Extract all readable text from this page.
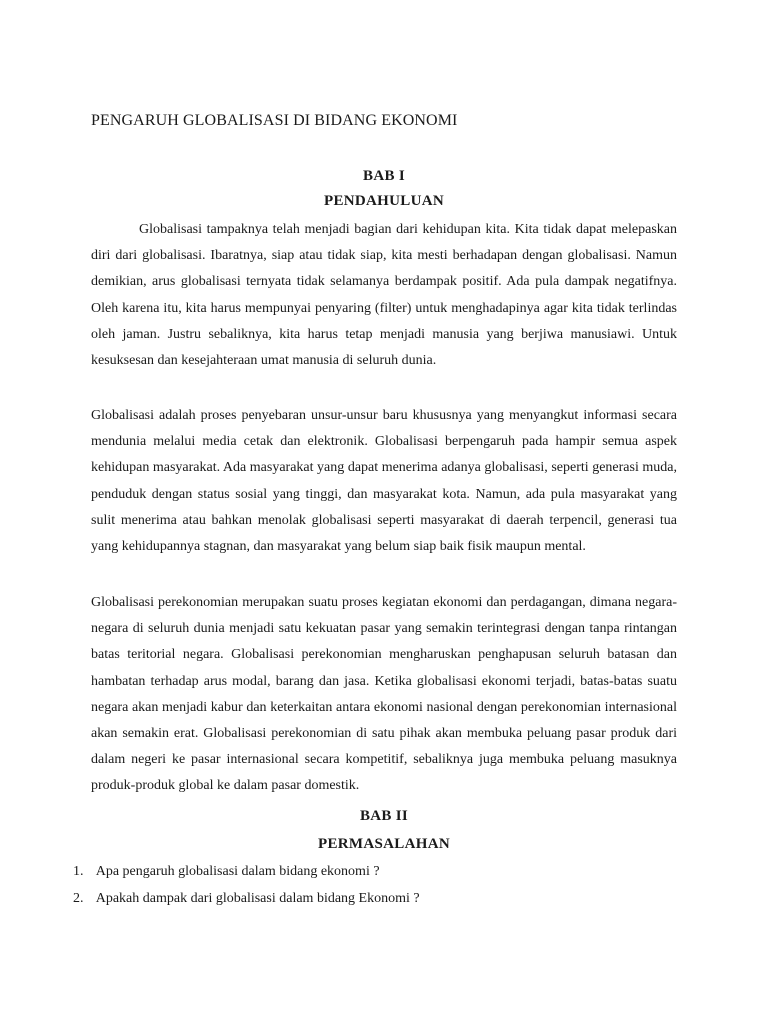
PENGARUH GLOBALISASI DI BIDANG EKONOMI
BAB I
PENDAHULUAN

Globalisasi tampaknya telah menjadi bagian dari kehidupan kita. Kita tidak dapat melepaskan diri dari globalisasi. Ibaratnya, siap atau tidak siap, kita mesti berhadapan dengan globalisasi. Namun demikian, arus globalisasi ternyata tidak selamanya berdampak positif. Ada pula dampak negatifnya. Oleh karena itu, kita harus mempunyai penyaring (filter) untuk menghadapinya agar kita tidak terlindas oleh jaman. Justru sebaliknya, kita harus tetap menjadi manusia yang berjiwa manusiawi. Untuk kesuksesan dan kesejahteraan umat manusia di seluruh dunia.

Globalisasi adalah proses penyebaran unsur-unsur baru khususnya yang menyangkut informasi secara mendunia melalui media cetak dan elektronik. Globalisasi berpengaruh pada hampir semua aspek kehidupan masyarakat. Ada masyarakat yang dapat menerima adanya globalisasi, seperti generasi muda, penduduk dengan status sosial yang tinggi, dan masyarakat kota. Namun, ada pula masyarakat yang sulit menerima atau bahkan menolak globalisasi seperti masyarakat di daerah terpencil, generasi tua yang kehidupannya stagnan, dan masyarakat yang belum siap baik fisik maupun mental.

Globalisasi perekonomian merupakan suatu proses kegiatan ekonomi dan perdagangan, dimana negara-negara di seluruh dunia menjadi satu kekuatan pasar yang semakin terintegrasi dengan tanpa rintangan batas teritorial negara. Globalisasi perekonomian mengharuskan penghapusan seluruh batasan dan hambatan terhadap arus modal, barang dan jasa. Ketika globalisasi ekonomi terjadi, batas-batas suatu negara akan menjadi kabur dan keterkaitan antara ekonomi nasional dengan perekonomian internasional akan semakin erat. Globalisasi perekonomian di satu pihak akan membuka peluang pasar produk dari dalam negeri ke pasar internasional secara kompetitif, sebaliknya juga membuka peluang masuknya produk-produk global ke dalam pasar domestik.

BAB II
PERMASALAHAN
1. Apa pengaruh globalisasi dalam bidang ekonomi ?
2. Apakah dampak dari globalisasi dalam bidang Ekonomi ?
